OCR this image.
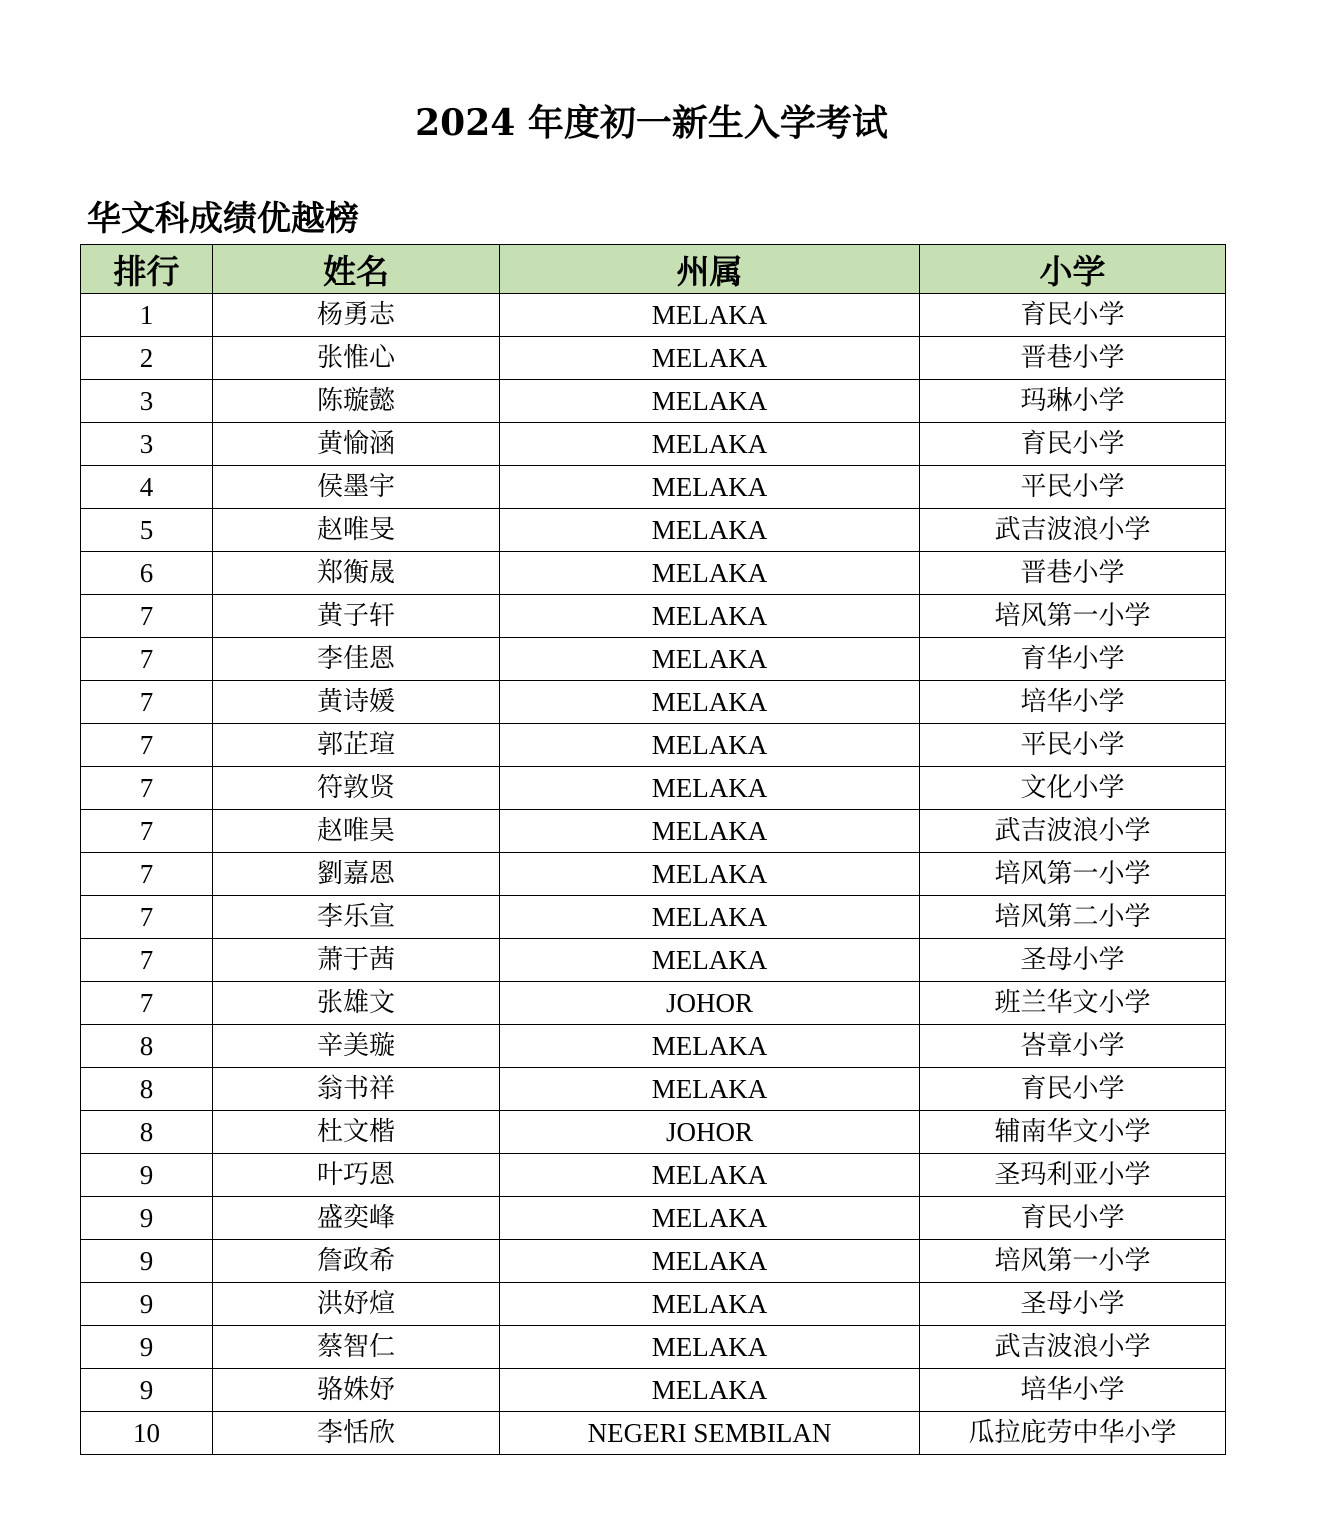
2024 年度初一新生入学考试
华文科成绩优越榜
排行	姓名	州属	小学
1	杨勇志	MELAKA	育民小学
2	张惟心	MELAKA	晋巷小学
3	陈璇懿	MELAKA	玛琳小学
3	黄愉涵	MELAKA	育民小学
4	侯墨宇	MELAKA	平民小学
5	赵唯旻	MELAKA	武吉波浪小学
6	郑衡晟	MELAKA	晋巷小学
7	黄子轩	MELAKA	培风第一小学
7	李佳恩	MELAKA	育华小学
7	黄诗媛	MELAKA	培华小学
7	郭芷瑄	MELAKA	平民小学
7	符敦贤	MELAKA	文化小学
7	赵唯昊	MELAKA	武吉波浪小学
7	劉嘉恩	MELAKA	培风第一小学
7	李乐宣	MELAKA	培风第二小学
7	萧于茜	MELAKA	圣母小学
7	张雄文	JOHOR	班兰华文小学
8	辛美璇	MELAKA	峇章小学
8	翁书祥	MELAKA	育民小学
8	杜文楷	JOHOR	辅南华文小学
9	叶巧恩	MELAKA	圣玛利亚小学
9	盛奕峰	MELAKA	育民小学
9	詹政希	MELAKA	培风第一小学
9	洪妤煊	MELAKA	圣母小学
9	蔡智仁	MELAKA	武吉波浪小学
9	骆姝妤	MELAKA	培华小学
10	李恬欣	NEGERI SEMBILAN	瓜拉庇劳中华小学
